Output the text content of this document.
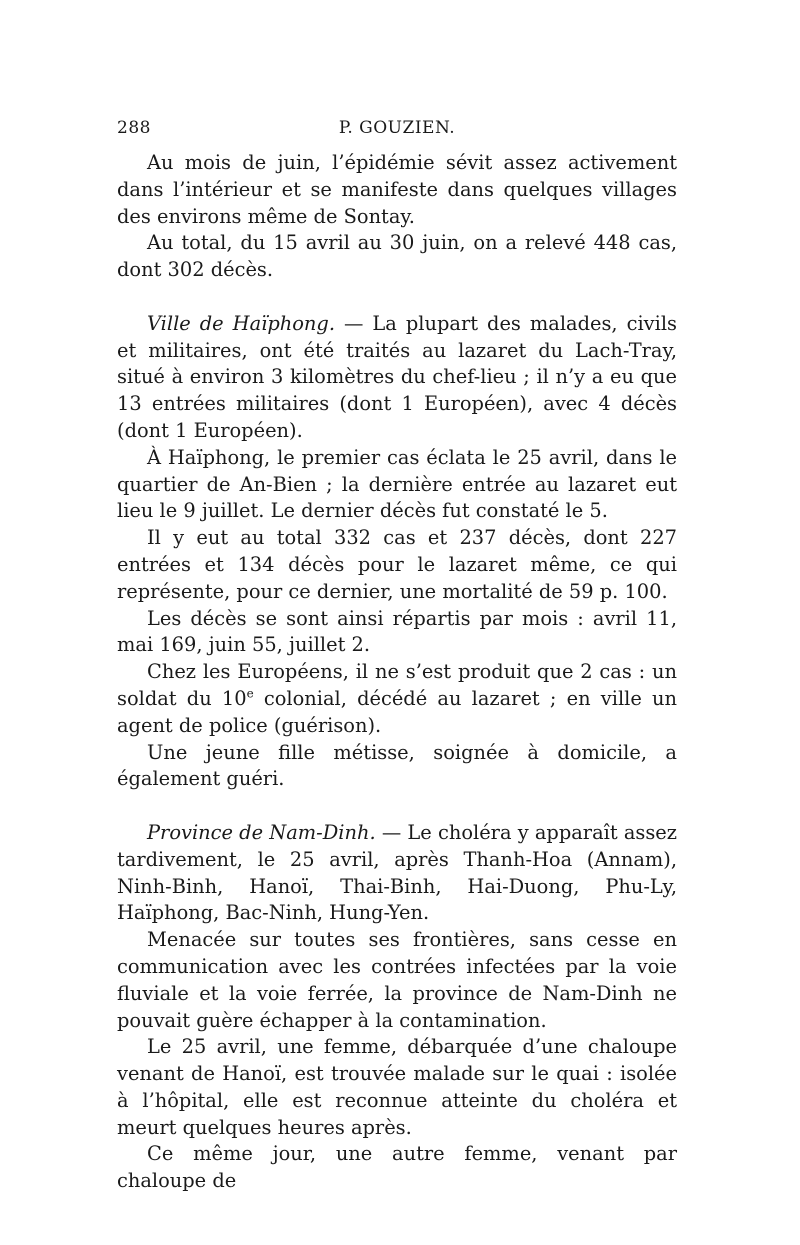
288	P. GOUZIEN.

Au mois de juin, l’épidémie sévit assez activement dans l’intérieur et se manifeste dans quelques villages des environs même de Sontay.

Au total, du 15 avril au 30 juin, on a relevé 448 cas, dont 302 décès.

Ville de Haïphong. — La plupart des malades, civils et militaires, ont été traités au lazaret du Lach-Tray, situé à environ 3 kilomètres du chef-lieu ; il n’y a eu que 13 entrées militaires (dont 1 Européen), avec 4 décès (dont 1 Européen).

À Haïphong, le premier cas éclata le 25 avril, dans le quartier de An-Bien ; la dernière entrée au lazaret eut lieu le 9 juillet. Le dernier décès fut constaté le 5.

Il y eut au total 332 cas et 237 décès, dont 227 entrées et 134 décès pour le lazaret même, ce qui représente, pour ce dernier, une mortalité de 59 p. 100.

Les décès se sont ainsi répartis par mois : avril 11, mai 169, juin 55, juillet 2.

Chez les Européens, il ne s’est produit que 2 cas : un soldat du 10e colonial, décédé au lazaret ; en ville un agent de police (guérison).

Une jeune fille métisse, soignée à domicile, a également guéri.

Province de Nam-Dinh. — Le choléra y apparaît assez tardivement, le 25 avril, après Thanh-Hoa (Annam), Ninh-Binh, Hanoï, Thai-Binh, Hai-Duong, Phu-Ly, Haïphong, Bac-Ninh, Hung-Yen.

Menacée sur toutes ses frontières, sans cesse en communication avec les contrées infectées par la voie fluviale et la voie ferrée, la province de Nam-Dinh ne pouvait guère échapper à la contamination.

Le 25 avril, une femme, débarquée d’une chaloupe venant de Hanoï, est trouvée malade sur le quai : isolée à l’hôpital, elle est reconnue atteinte du choléra et meurt quelques heures après.

Ce même jour, une autre femme, venant par chaloupe de
